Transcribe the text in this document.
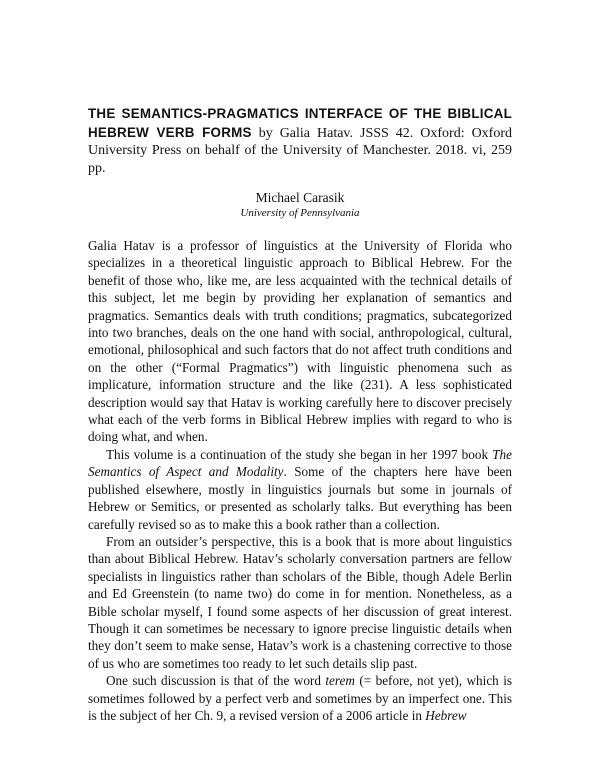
THE SEMANTICS-PRAGMATICS INTERFACE OF THE BIBLICAL HEBREW VERB FORMS by Galia Hatav. JSSS 42. Oxford: Oxford University Press on behalf of the University of Manchester. 2018. vi, 259 pp.

Michael Carasik
University of Pennsylvania

Galia Hatav is a professor of linguistics at the University of Florida who specializes in a theoretical linguistic approach to Biblical Hebrew. For the benefit of those who, like me, are less acquainted with the technical details of this subject, let me begin by providing her explanation of semantics and pragmatics. Semantics deals with truth conditions; pragmatics, subcategorized into two branches, deals on the one hand with social, anthropological, cultural, emotional, philosophical and such factors that do not affect truth conditions and on the other (“Formal Pragmatics”) with linguistic phenomena such as implicature, information structure and the like (231). A less sophisticated description would say that Hatav is working carefully here to discover precisely what each of the verb forms in Biblical Hebrew implies with regard to who is doing what, and when.

This volume is a continuation of the study she began in her 1997 book The Semantics of Aspect and Modality. Some of the chapters here have been published elsewhere, mostly in linguistics journals but some in journals of Hebrew or Semitics, or presented as scholarly talks. But everything has been carefully revised so as to make this a book rather than a collection.

From an outsider’s perspective, this is a book that is more about linguistics than about Biblical Hebrew. Hatav’s scholarly conversation partners are fellow specialists in linguistics rather than scholars of the Bible, though Adele Berlin and Ed Greenstein (to name two) do come in for mention. Nonetheless, as a Bible scholar myself, I found some aspects of her discussion of great interest. Though it can sometimes be necessary to ignore precise linguistic details when they don’t seem to make sense, Hatav’s work is a chastening corrective to those of us who are sometimes too ready to let such details slip past.

One such discussion is that of the word terem (= before, not yet), which is sometimes followed by a perfect verb and sometimes by an imperfect one. This is the subject of her Ch. 9, a revised version of a 2006 article in Hebrew
